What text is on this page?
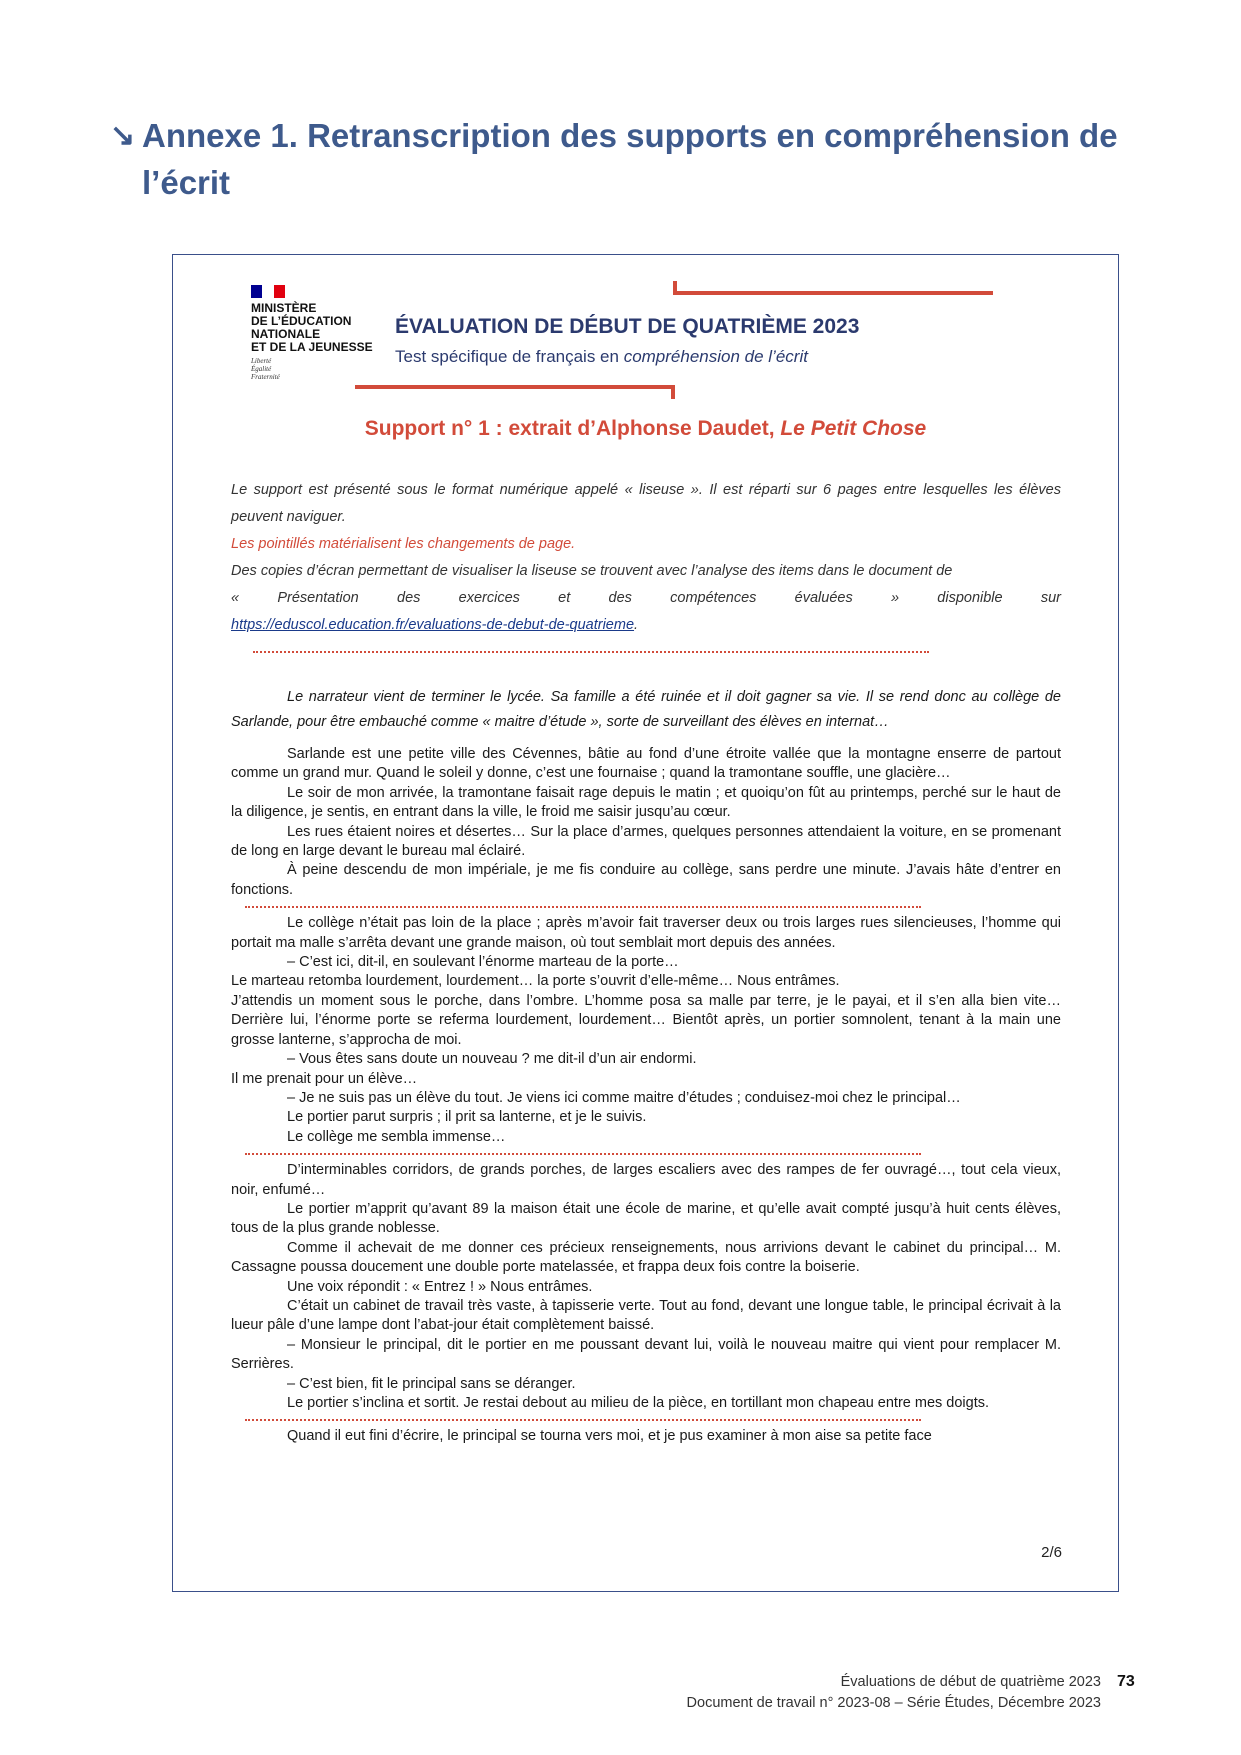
↘ Annexe 1. Retranscription des supports en compréhension de l’écrit
MINISTÈRE
DE L’ÉDUCATION
NATIONALE
ET DE LA JEUNESSE
Liberté
Égalité
Fraternité
ÉVALUATION DE DÉBUT DE QUATRIÈME 2023
Test spécifique de français en compréhension de l’écrit
Support n° 1 : extrait d’Alphonse Daudet, Le Petit Chose

Le support est présenté sous le format numérique appelé « liseuse ». Il est réparti sur 6 pages entre lesquelles les élèves peuvent naviguer.

Les pointillés matérialisent les changements de page.

Des copies d’écran permettant de visualiser la liseuse se trouvent avec l’analyse des items dans le document de

« Présentation des exercices et des compétences évaluées » disponible sur

https://eduscol.education.fr/evaluations-de-debut-de-quatrieme.

Le narrateur vient de terminer le lycée. Sa famille a été ruinée et il doit gagner sa vie. Il se rend donc au collège de Sarlande, pour être embauché comme « maitre d’étude », sorte de surveillant des élèves en internat…

Sarlande est une petite ville des Cévennes, bâtie au fond d’une étroite vallée que la montagne enserre de partout comme un grand mur. Quand le soleil y donne, c’est une fournaise ; quand la tramontane souffle, une glacière…

Le soir de mon arrivée, la tramontane faisait rage depuis le matin ; et quoiqu’on fût au printemps, perché sur le haut de la diligence, je sentis, en entrant dans la ville, le froid me saisir jusqu’au cœur.

Les rues étaient noires et désertes… Sur la place d’armes, quelques personnes attendaient la voiture, en se promenant de long en large devant le bureau mal éclairé.

À peine descendu de mon impériale, je me fis conduire au collège, sans perdre une minute. J’avais hâte d’entrer en fonctions.

Le collège n’était pas loin de la place ; après m’avoir fait traverser deux ou trois larges rues silencieuses, l’homme qui portait ma malle s’arrêta devant une grande maison, où tout semblait mort depuis des années.

– C’est ici, dit-il, en soulevant l’énorme marteau de la porte…

Le marteau retomba lourdement, lourdement… la porte s’ouvrit d’elle-même… Nous entrâmes.

J’attendis un moment sous le porche, dans l’ombre. L’homme posa sa malle par terre, je le payai, et il s’en alla bien vite… Derrière lui, l’énorme porte se referma lourdement, lourdement… Bientôt après, un portier somnolent, tenant à la main une grosse lanterne, s’approcha de moi.

– Vous êtes sans doute un nouveau ? me dit-il d’un air endormi.

Il me prenait pour un élève…

– Je ne suis pas un élève du tout. Je viens ici comme maitre d’études ; conduisez-moi chez le principal…

Le portier parut surpris ; il prit sa lanterne, et je le suivis.

Le collège me sembla immense…

D’interminables corridors, de grands porches, de larges escaliers avec des rampes de fer ouvragé…, tout cela vieux, noir, enfumé…

Le portier m’apprit qu’avant 89 la maison était une école de marine, et qu’elle avait compté jusqu’à huit cents élèves, tous de la plus grande noblesse.

Comme il achevait de me donner ces précieux renseignements, nous arrivions devant le cabinet du principal… M. Cassagne poussa doucement une double porte matelassée, et frappa deux fois contre la boiserie.

Une voix répondit : « Entrez ! » Nous entrâmes.

C’était un cabinet de travail très vaste, à tapisserie verte. Tout au fond, devant une longue table, le principal écrivait à la lueur pâle d’une lampe dont l’abat-jour était complètement baissé.

– Monsieur le principal, dit le portier en me poussant devant lui, voilà le nouveau maitre qui vient pour remplacer M. Serrières.

– C’est bien, fit le principal sans se déranger.

Le portier s’inclina et sortit. Je restai debout au milieu de la pièce, en tortillant mon chapeau entre mes doigts.

Quand il eut fini d’écrire, le principal se tourna vers moi, et je pus examiner à mon aise sa petite face

2/6
Évaluations de début de quatrième 2023
Document de travail n° 2023-08 – Série Études, Décembre 2023
73
